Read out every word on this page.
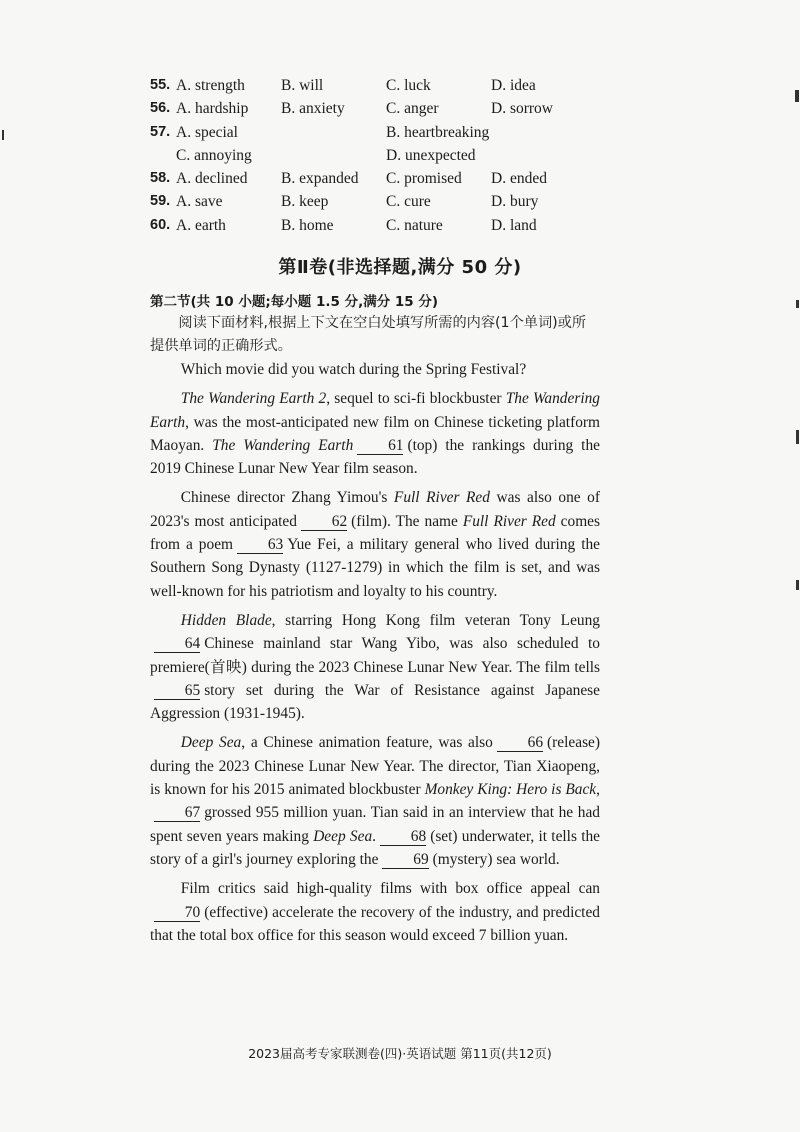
55. A. strength B. will	C. luck	D. idea
56. A. hardship B. anxiety	C. anger	D. sorrow
57. A. special	B. heartbreaking
C. annoying	D. unexpected
58. A. declined B. expanded C. promised D. ended
59. A. save	B. keep	C. cure	D. bury
60. A. earth	B. home	C. nature	D. land
第Ⅱ卷(非选择题,满分 50 分)
第二节(共 10 小题;每小题 1.5 分,满分 15 分)
阅读下面材料,根据上下文在空白处填写所需的内容(1个单词)或所提供单词的正确形式。

Which movie did you watch during the Spring Festival?

The Wandering Earth 2, sequel to sci-fi blockbuster The Wandering Earth, was the most-anticipated new film on Chinese ticketing platform Maoyan. The Wandering Earth 61 (top) the rankings during the 2019 Chinese Lunar New Year film season.

Chinese director Zhang Yimou's Full River Red was also one of 2023's most anticipated 62 (film). The name Full River Red comes from a poem 63 Yue Fei, a military general who lived during the Southern Song Dynasty (1127-1279) in which the film is set, and was well-known for his patriotism and loyalty to his country.

Hidden Blade, starring Hong Kong film veteran Tony Leung64 Chinese mainland star Wang Yibo, was also scheduled to premiere(首映) during the 2023 Chinese Lunar New Year. The film tells65 story set during the War of Resistance against Japanese Aggression (1931-1945).

Deep Sea, a Chinese animation feature, was also 66 (release) during the 2023 Chinese Lunar New Year. The director, Tian Xiaopeng, is known for his 2015 animated blockbuster Monkey King: Hero is Back,67 grossed 955 million yuan. Tian said in an interview that he had spent seven years making Deep Sea. 68 (set) underwater, it tells the story of a girl's journey exploring the 69 (mystery) sea world.

Film critics said high-quality films with box office appeal can70 (effective) accelerate the recovery of the industry, and predicted that the total box office for this season would exceed 7 billion yuan.

2023届高考专家联测卷(四)·英语试题 第11页(共12页)
